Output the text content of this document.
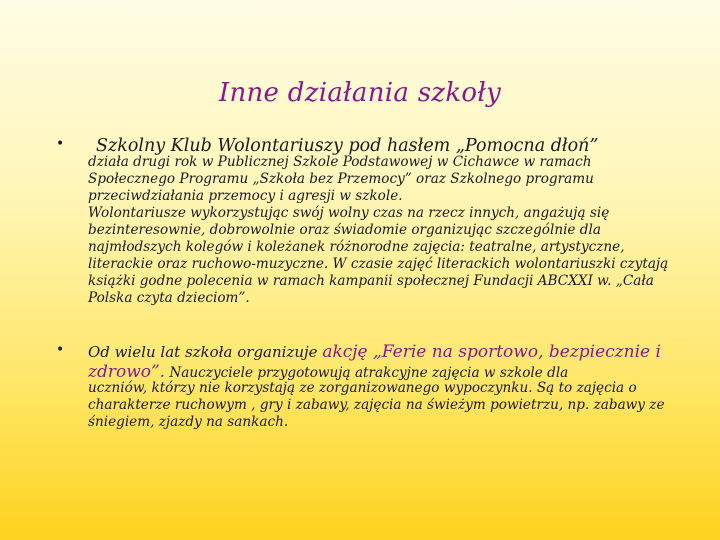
Inne działania szkoły
• Szkolny Klub Wolontariuszy pod hasłem „Pomocna dłoń”

działa drugi rok w Publicznej Szkole Podstawowej w Cichawce w ramach Społecznego Programu „Szkoła bez Przemocy” oraz Szkolnego programu przeciwdziałania przemocy i agresji w szkole.

Wolontariusze wykorzystując swój wolny czas na rzecz innych, angażują się bezinteresownie, dobrowolnie oraz świadomie organizując szczególnie dla najmłodszych kolegów i koleżanek różnorodne zajęcia: teatralne, artystyczne, literackie oraz ruchowo-muzyczne. W czasie zajęć literackich wolontariuszki czytają książki godne polecenia w ramach kampanii społecznej Fundacji ABCXXI w. „Cała Polska czyta dzieciom”.

• Od wielu lat szkoła organizuje akcję „Ferie na sportowo, bezpiecznie i zdrowo”. Nauczyciele przygotowują atrakcyjne zajęcia w szkole dla
uczniów, którzy nie korzystają ze zorganizowanego wypoczynku. Są to zajęcia o charakterze ruchowym , gry i zabawy, zajęcia na świeżym powietrzu, np. zabawy ze śniegiem, zjazdy na sankach.
